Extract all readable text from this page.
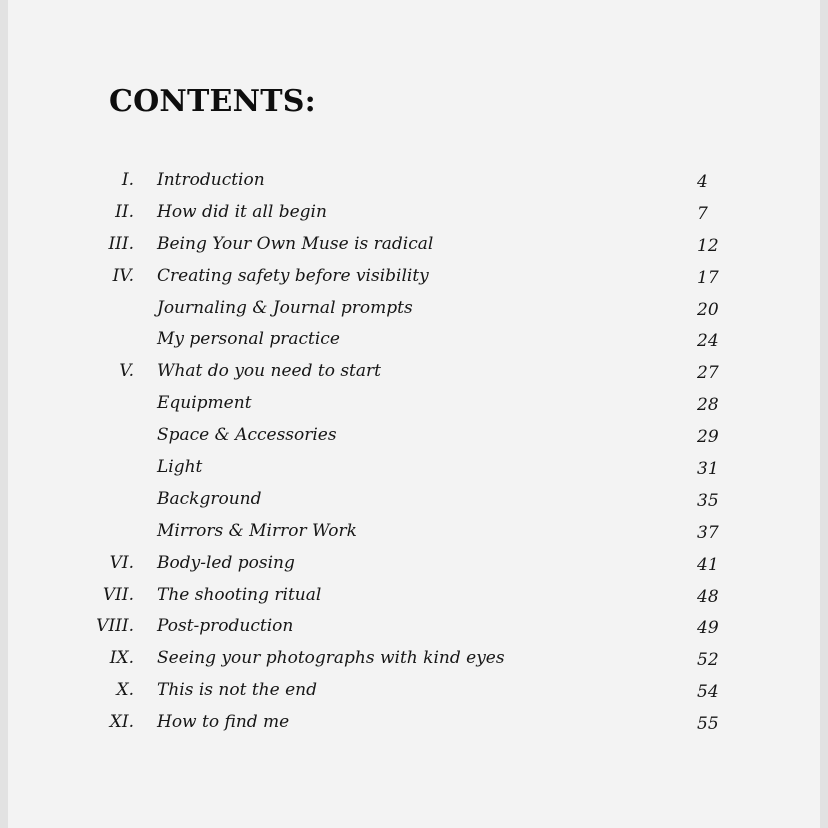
CONTENTS:
I. Introduction	4
II. How did it all begin	7
III. Being Your Own Muse is radical	12
IV. Creating safety before visibility	17
Journaling & Journal prompts	20
My personal practice	24
V. What do you need to start	27
Equipment	28
Space & Accessories	29
Light	31
Background	35
Mirrors & Mirror Work	37
VI. Body-led posing	41
VII. The shooting ritual	48
VIII. Post-production	49
IX. Seeing your photographs with kind eyes	52
X. This is not the end	54
XI. How to find me	55
